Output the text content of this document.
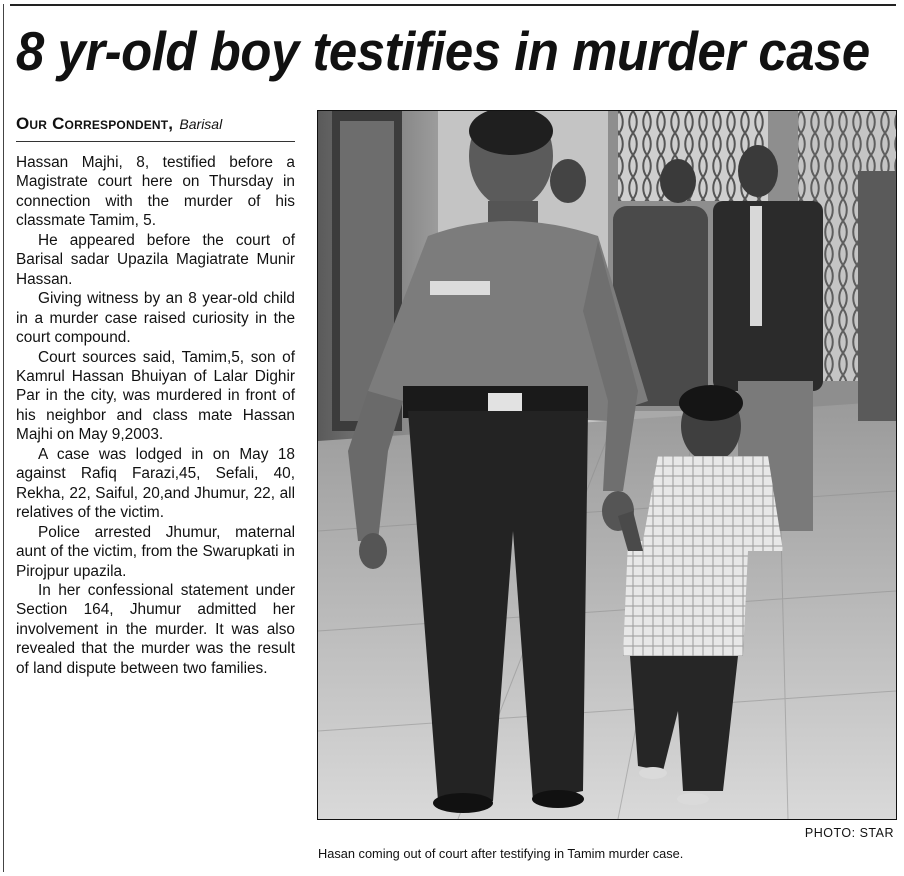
8 yr-old boy testifies in murder case
Our Correspondent, Barisal

Hassan Majhi, 8, testified before a Magistrate court here on Thursday in connection with the murder of his classmate Tamim, 5.

He appeared before the court of Barisal sadar Upazila Magiatrate Munir Hassan.

Giving witness by an 8 year-old child in a murder case raised curiosity in the court compound.

Court sources said, Tamim,5, son of Kamrul Hassan Bhuiyan of Lalar Dighir Par in the city, was murdered in front of his neighbor and class mate Hassan Majhi on May 9,2003.

A case was lodged in on May 18 against Rafiq Farazi,45, Sefali, 40, Rekha, 22, Saiful, 20,and Jhumur, 22, all relatives of the victim.

Police arrested Jhumur, maternal aunt of the victim, from the Swarupkati in Pirojpur upazila.

In her confessional statement under Section 164, Jhumur admitted her involvement in the murder. It was also revealed that the murder was the result of land dispute between two families.

PHOTO: STAR
Hasan coming out of court after testifying in Tamim murder case.
